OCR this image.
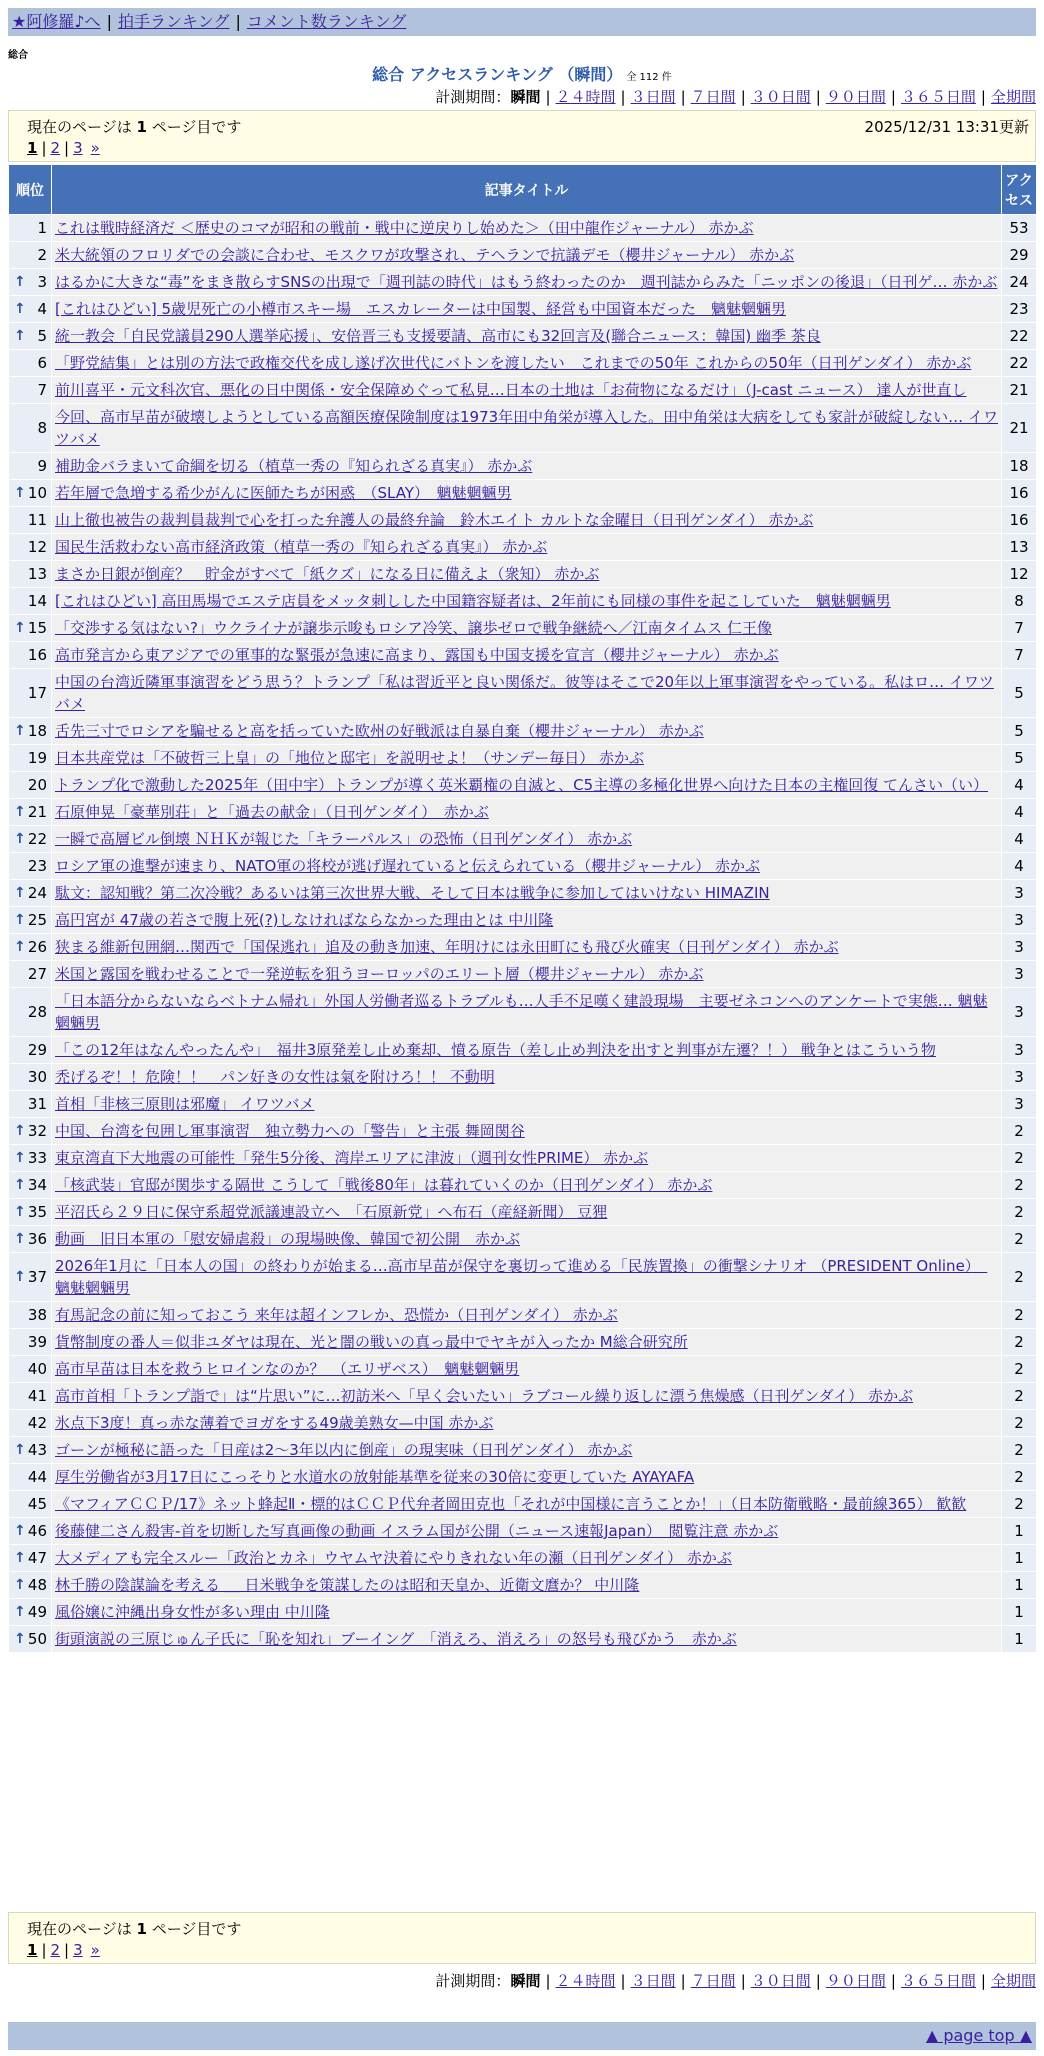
★阿修羅♪へ | 拍手ランキング | コメント数ランキング
総合
総合 アクセスランキング （瞬間） 全 112 件
計測期間：瞬間 | ２４時間 | ３日間 | ７日間 | ３０日間 | ９０日間 | ３６５日間 | 全期間
現在のページは 1 ページ目です	2025/12/31 13:31更新
1 | 2 | 3 »
順位	記事タイトル	アクセス
1	これは戦時経済だ ＜歴史のコマが昭和の戦前・戦中に逆戻りし始めた＞（田中龍作ジャーナル） 赤かぶ	53
2	米大統領のフロリダでの会談に合わせ、モスクワが攻撃され、テヘランで抗議デモ（櫻井ジャーナル） 赤かぶ	29

↑ 3	はるかに大きな“毒”をまき散らすSNSの出現で「週刊誌の時代」はもう終わったのか　週刊誌からみた「ニッポンの後退」（日刊ゲ… 赤かぶ	24

↑ 4	[これはひどい] 5歳児死亡の小樽市スキー場　エスカレーターは中国製、経営も中国資本だった　魑魅魍魎男	23

↑ 5	統一教会「自民党議員290人選挙応援」、安倍晋三も支援要請、高市にも32回言及(聯合ニュース：韓国) 幽季 茶良	22
6	「野党結集」とは別の方法で政権交代を成し遂げ次世代にバトンを渡したい　これまでの50年 これからの50年（日刊ゲンダイ） 赤かぶ	22
7	前川喜平・元文科次官、悪化の日中関係・安全保障めぐって私見…日本の土地は「お荷物になるだけ」（J-cast ニュース） 達人が世直し	21
8	今回、高市早苗が破壊しようとしている高額医療保険制度は1973年田中角栄が導入した。田中角栄は大病をしても家計が破綻しない… イワツバメ	21
9	補助金バラまいて命綱を切る（植草一秀の『知られざる真実』） 赤かぶ	18

↑ 10	若年層で急増する希少がんに医師たちが困惑　（SLAY）　魑魅魍魎男	16
11	山上徹也被告の裁判員裁判で心を打った弁護人の最終弁論　鈴木エイト カルトな金曜日（日刊ゲンダイ） 赤かぶ	16
12	国民生活救わない高市経済政策（植草一秀の『知られざる真実』） 赤かぶ	13
13	まさか日銀が倒産？　貯金がすべて「紙クズ」になる日に備えよ（衆知） 赤かぶ	12
14	[これはひどい] 高田馬場でエステ店員をメッタ刺しした中国籍容疑者は、2年前にも同様の事件を起こしていた　魑魅魍魎男	8

↑ 15	「交渉する気はない?」ウクライナが譲歩示唆もロシア冷笑、譲歩ゼロで戦争継続へ／江南タイムス 仁王像	7
16	高市発言から東アジアでの軍事的な緊張が急速に高まり、露国も中国支援を宣言（櫻井ジャーナル） 赤かぶ	7
17	中国の台湾近隣軍事演習をどう思う？トランプ「私は習近平と良い関係だ。彼等はそこで20年以上軍事演習をやっている。私はロ… イワツバメ	5

↑ 18	舌先三寸でロシアを騙せると高を括っていた欧州の好戦派は自暴自棄（櫻井ジャーナル） 赤かぶ	5
19	日本共産党は「不破哲三上皇」の「地位と邸宅」を説明せよ！（サンデー毎日） 赤かぶ	5
20	トランプ化で激動した2025年（田中宇）トランプが導く英米覇権の自滅と、C5主導の多極化世界へ向けた日本の主権回復 てんさい（い）	4

↑ 21	石原伸晃「豪華別荘」と「過去の献金」（日刊ゲンダイ）　赤かぶ	4

↑ 22	一瞬で高層ビル倒壊 ＮＨＫが報じた「キラーパルス」の恐怖（日刊ゲンダイ） 赤かぶ	4
23	ロシア軍の進撃が速まり、NATO軍の将校が逃げ遅れていると伝えられている（櫻井ジャーナル） 赤かぶ	4

↑ 24	駄文：認知戦？第二次冷戦？あるいは第三次世界大戦、そして日本は戦争に参加してはいけない HIMAZIN	3

↑ 25	高円宮が 47歳の若さで腹上死(?)しなければならなかった理由とは 中川隆	3

↑ 26	狭まる維新包囲網…関西で「国保逃れ」追及の動き加速、年明けには永田町にも飛び火確実（日刊ゲンダイ） 赤かぶ	3
27	米国と露国を戦わせることで一発逆転を狙うヨーロッパのエリート層（櫻井ジャーナル） 赤かぶ	3
28	「日本語分からないならベトナム帰れ」外国人労働者巡るトラブルも…人手不足嘆く建設現場　主要ゼネコンへのアンケートで実態… 魑魅魍魎男	3
29	「この12年はなんやったんや」　福井3原発差し止め棄却、憤る原告（差し止め判決を出すと判事が左遷？！） 戦争とはこういう物	3
30	禿げるぞ！！危険！！　パン好きの女性は氣を附けろ！！ 不動明	3
31	首相「非核三原則は邪魔」 イワツバメ	3

↑ 32	中国、台湾を包囲し軍事演習　独立勢力への「警告」と主張 舞岡関谷	2

↑ 33	東京湾直下大地震の可能性「発生5分後、湾岸エリアに津波」（週刊女性PRIME） 赤かぶ	2

↑ 34	「核武装」官邸が関歩する隔世 こうして「戦後80年」は暮れていくのか（日刊ゲンダイ） 赤かぶ	2

↑ 35	平沼氏ら２９日に保守系超党派議連設立へ　「石原新党」へ布石（産経新聞） 豆狸	2

↑ 36	動画　旧日本軍の「慰安婦虐殺」の現場映像、韓国で初公開　赤かぶ	2

↑ 37	2026年1月に「日本人の国」の終わりが始まる…高市早苗が保守を裏切って進める「民族置換」の衝撃シナリオ （PRESIDENT Online）　魑魅魍魎男	2
38	有馬記念の前に知っておこう 来年は超インフレか、恐慌か（日刊ゲンダイ） 赤かぶ	2
39	貨幣制度の番人＝似非ユダヤは現在、光と闇の戦いの真っ最中でヤキが入ったか M総合研究所	2
40	高市早苗は日本を救うヒロインなのか？　（エリザベス）　魑魅魍魎男	2
41	高市首相「トランプ詣で」は“片思い”に…初訪米へ「早く会いたい」ラブコール繰り返しに漂う焦燥感（日刊ゲンダイ） 赤かぶ	2
42	氷点下3度！真っ赤な薄着でヨガをする49歳美熟女—中国 赤かぶ	2

↑ 43	ゴーンが極秘に語った「日産は2～3年以内に倒産」の現実味（日刊ゲンダイ） 赤かぶ	2
44	厚生労働省が3月17日にこっそりと水道水の放射能基準を従来の30倍に変更していた AYAYAFA	2
45	《マフィアＣＣＰ/17》ネット蜂起Ⅱ・標的はＣＣＰ代弁者岡田克也「それが中国様に言うことか！」（日本防衛戦略・最前線365） 歓歓	2

↑ 46	後藤健二さん殺害-首を切断した写真画像の動画 イスラム国が公開（ニュース速報Japan）　閲覧注意 赤かぶ	1

↑ 47	大メディアも完全スルー「政治とカネ」ウヤムヤ決着にやりきれない年の瀬（日刊ゲンダイ） 赤かぶ	1

↑ 48	林千勝の陰謀論を考える ＿ 日米戦争を策謀したのは昭和天皇か、近衛文麿か？ 中川隆	1

↑ 49	風俗嬢に沖縄出身女性が多い理由 中川隆	1

↑ 50	街頭演説の三原じゅん子氏に「恥を知れ」ブーイング　「消えろ、消えろ」の怒号も飛びかう　赤かぶ	1
現在のページは 1 ページ目です
1 | 2 | 3 »
計測期間：瞬間 | ２４時間 | ３日間 | ７日間 | ３０日間 | ９０日間 | ３６５日間 | 全期間
▲ page top ▲
